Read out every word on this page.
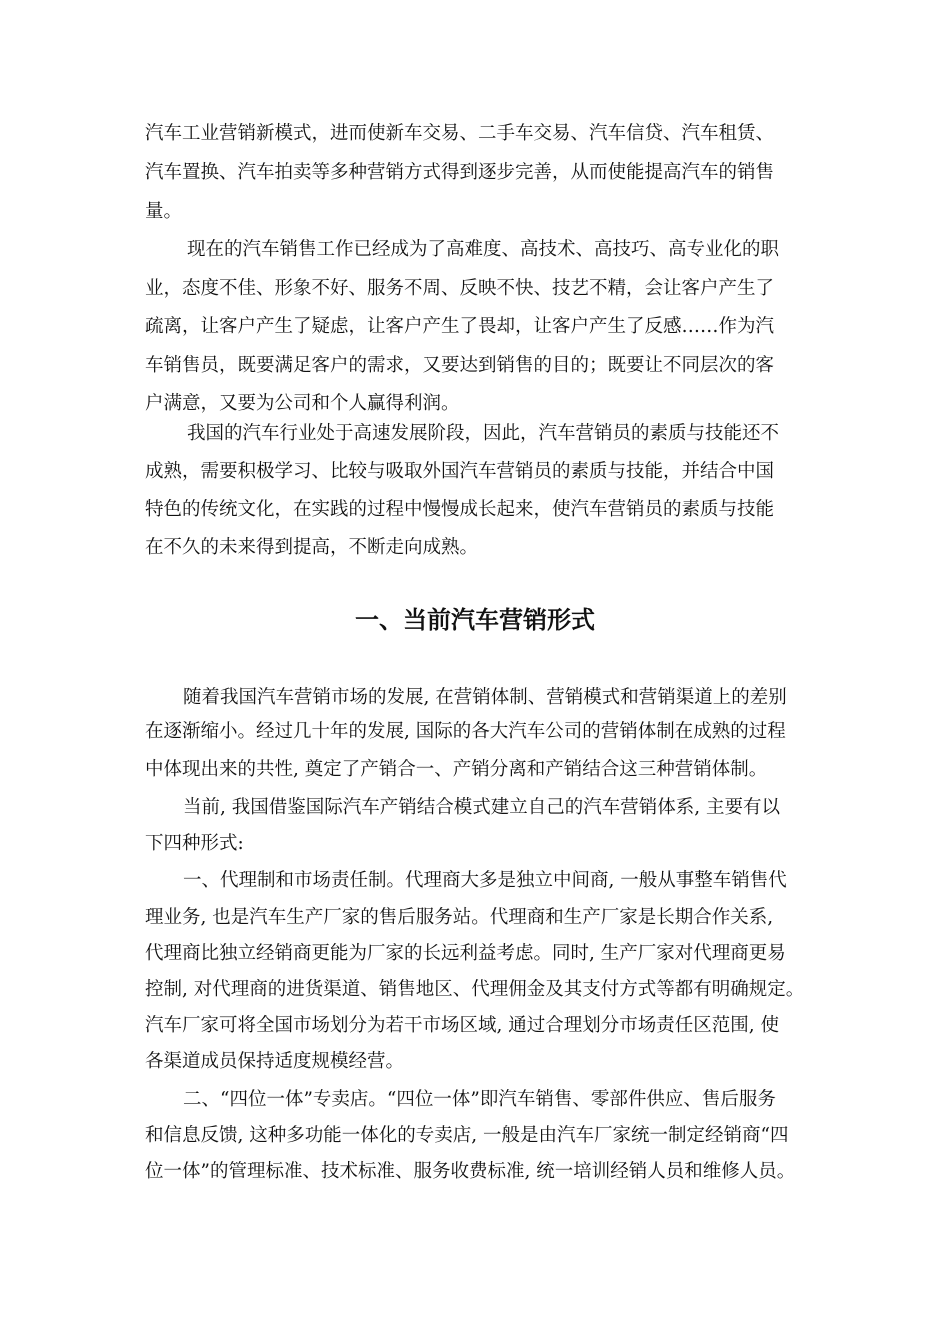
汽车工业营销新模式，进而使新车交易、二手车交易、汽车信贷、汽车租赁、

汽车置换、汽车拍卖等多种营销方式得到逐步完善，从而使能提高汽车的销售

量。

现在的汽车销售工作已经成为了高难度、高技术、高技巧、高专业化的职

业，态度不佳、形象不好、服务不周、反映不快、技艺不精，会让客户产生了

疏离，让客户产生了疑虑，让客户产生了畏却，让客户产生了反感……作为汽

车销售员，既要满足客户的需求，又要达到销售的目的；既要让不同层次的客

户满意，又要为公司和个人赢得利润。

我国的汽车行业处于高速发展阶段，因此，汽车营销员的素质与技能还不

成熟，需要积极学习、比较与吸取外国汽车营销员的素质与技能，并结合中国

特色的传统文化，在实践的过程中慢慢成长起来，使汽车营销员的素质与技能

在不久的未来得到提高，不断走向成熟。

一、当前汽车营销形式

随着我国汽车营销市场的发展, 在营销体制、营销模式和营销渠道上的差别

在逐渐缩小。经过几十年的发展, 国际的各大汽车公司的营销体制在成熟的过程

中体现出来的共性, 奠定了产销合一、产销分离和产销结合这三种营销体制。

当前, 我国借鉴国际汽车产销结合模式建立自己的汽车营销体系, 主要有以

下四种形式:

一、代理制和市场责任制。代理商大多是独立中间商, 一般从事整车销售代

理业务, 也是汽车生产厂家的售后服务站。代理商和生产厂家是长期合作关系,

代理商比独立经销商更能为厂家的长远利益考虑。同时, 生产厂家对代理商更易

控制, 对代理商的进货渠道、销售地区、代理佣金及其支付方式等都有明确规定。

汽车厂家可将全国市场划分为若干市场区域, 通过合理划分市场责任区范围, 使

各渠道成员保持适度规模经营。

二、“四位一体”专卖店。“四位一体”即汽车销售、零部件供应、售后服务

和信息反馈, 这种多功能一体化的专卖店, 一般是由汽车厂家统一制定经销商“四

位一体”的管理标准、技术标准、服务收费标准, 统一培训经销人员和维修人员。
